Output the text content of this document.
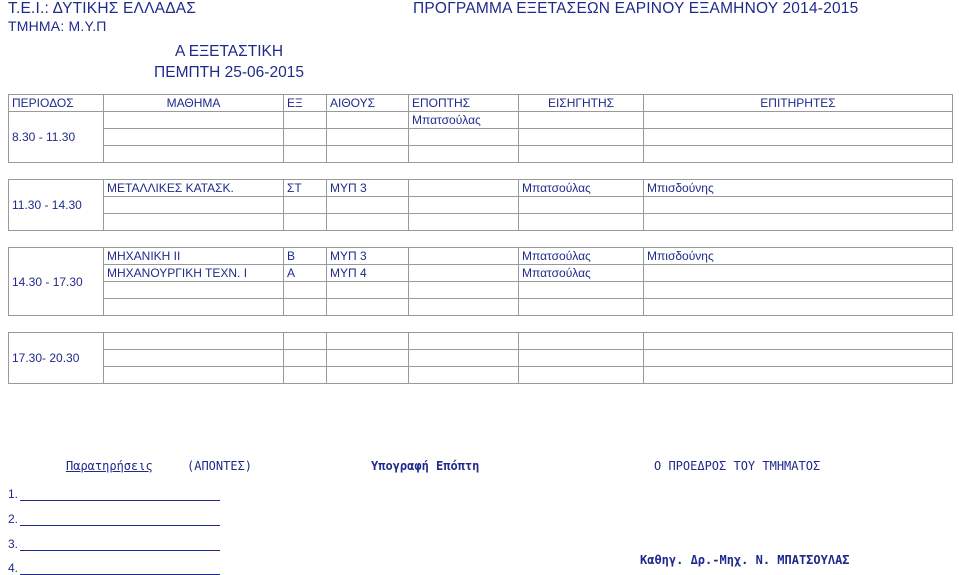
Τ.Ε.Ι.: ΔΥΤΙΚΗΣ ΕΛΛΑΔΑΣ
ΤΜΗΜΑ: Μ.Υ.Π
ΠΡΟΓΡΑΜΜΑ ΕΞΕΤΑΣΕΩΝ ΕΑΡΙΝΟΥ ΕΞΑΜΗΝΟΥ 2014-2015
Α ΕΞΕΤΑΣΤΙΚΗ
ΠΕΜΠΤΗ 25-06-2015
ΠΕΡΙΟΔΟΣ	ΜΑΘΗΜΑ	ΕΞ	ΑΙΘΟΥΣ	ΕΠΟΠΤΗΣ	ΕΙΣΗΓΗΤΗΣ	ΕΠΙΤΗΡΗΤΕΣ
8.30 - 11.30				Μπατσούλας		

11.30 - 14.30	ΜΕΤΑΛΛΙΚΕΣ ΚΑΤΑΣΚ.	ΣΤ	ΜΥΠ 3		Μπατσούλας	Μπισδούνης

14.30 - 17.30	ΜΗΧΑΝΙΚΗ ΙΙ	Β	ΜΥΠ 3		Μπατσούλας	Μπισδούνης
	ΜΗΧΑΝΟΥΡΓΙΚΗ ΤΕΧΝ. Ι	Α	ΜΥΠ 4		Μπατσούλας	

17.30- 20.30						

Παρατηρήσεις	(ΑΠΟΝΤΕΣ)	Υπογραφή Επόπτη	Ο ΠΡΟΕΔΡΟΣ ΤΟΥ ΤΜΗΜΑΤΟΣ
Καθηγ. Δρ.-Μηχ. Ν. ΜΠΑΤΣΟΥΛΑΣ
1.
2.
3.
4.
